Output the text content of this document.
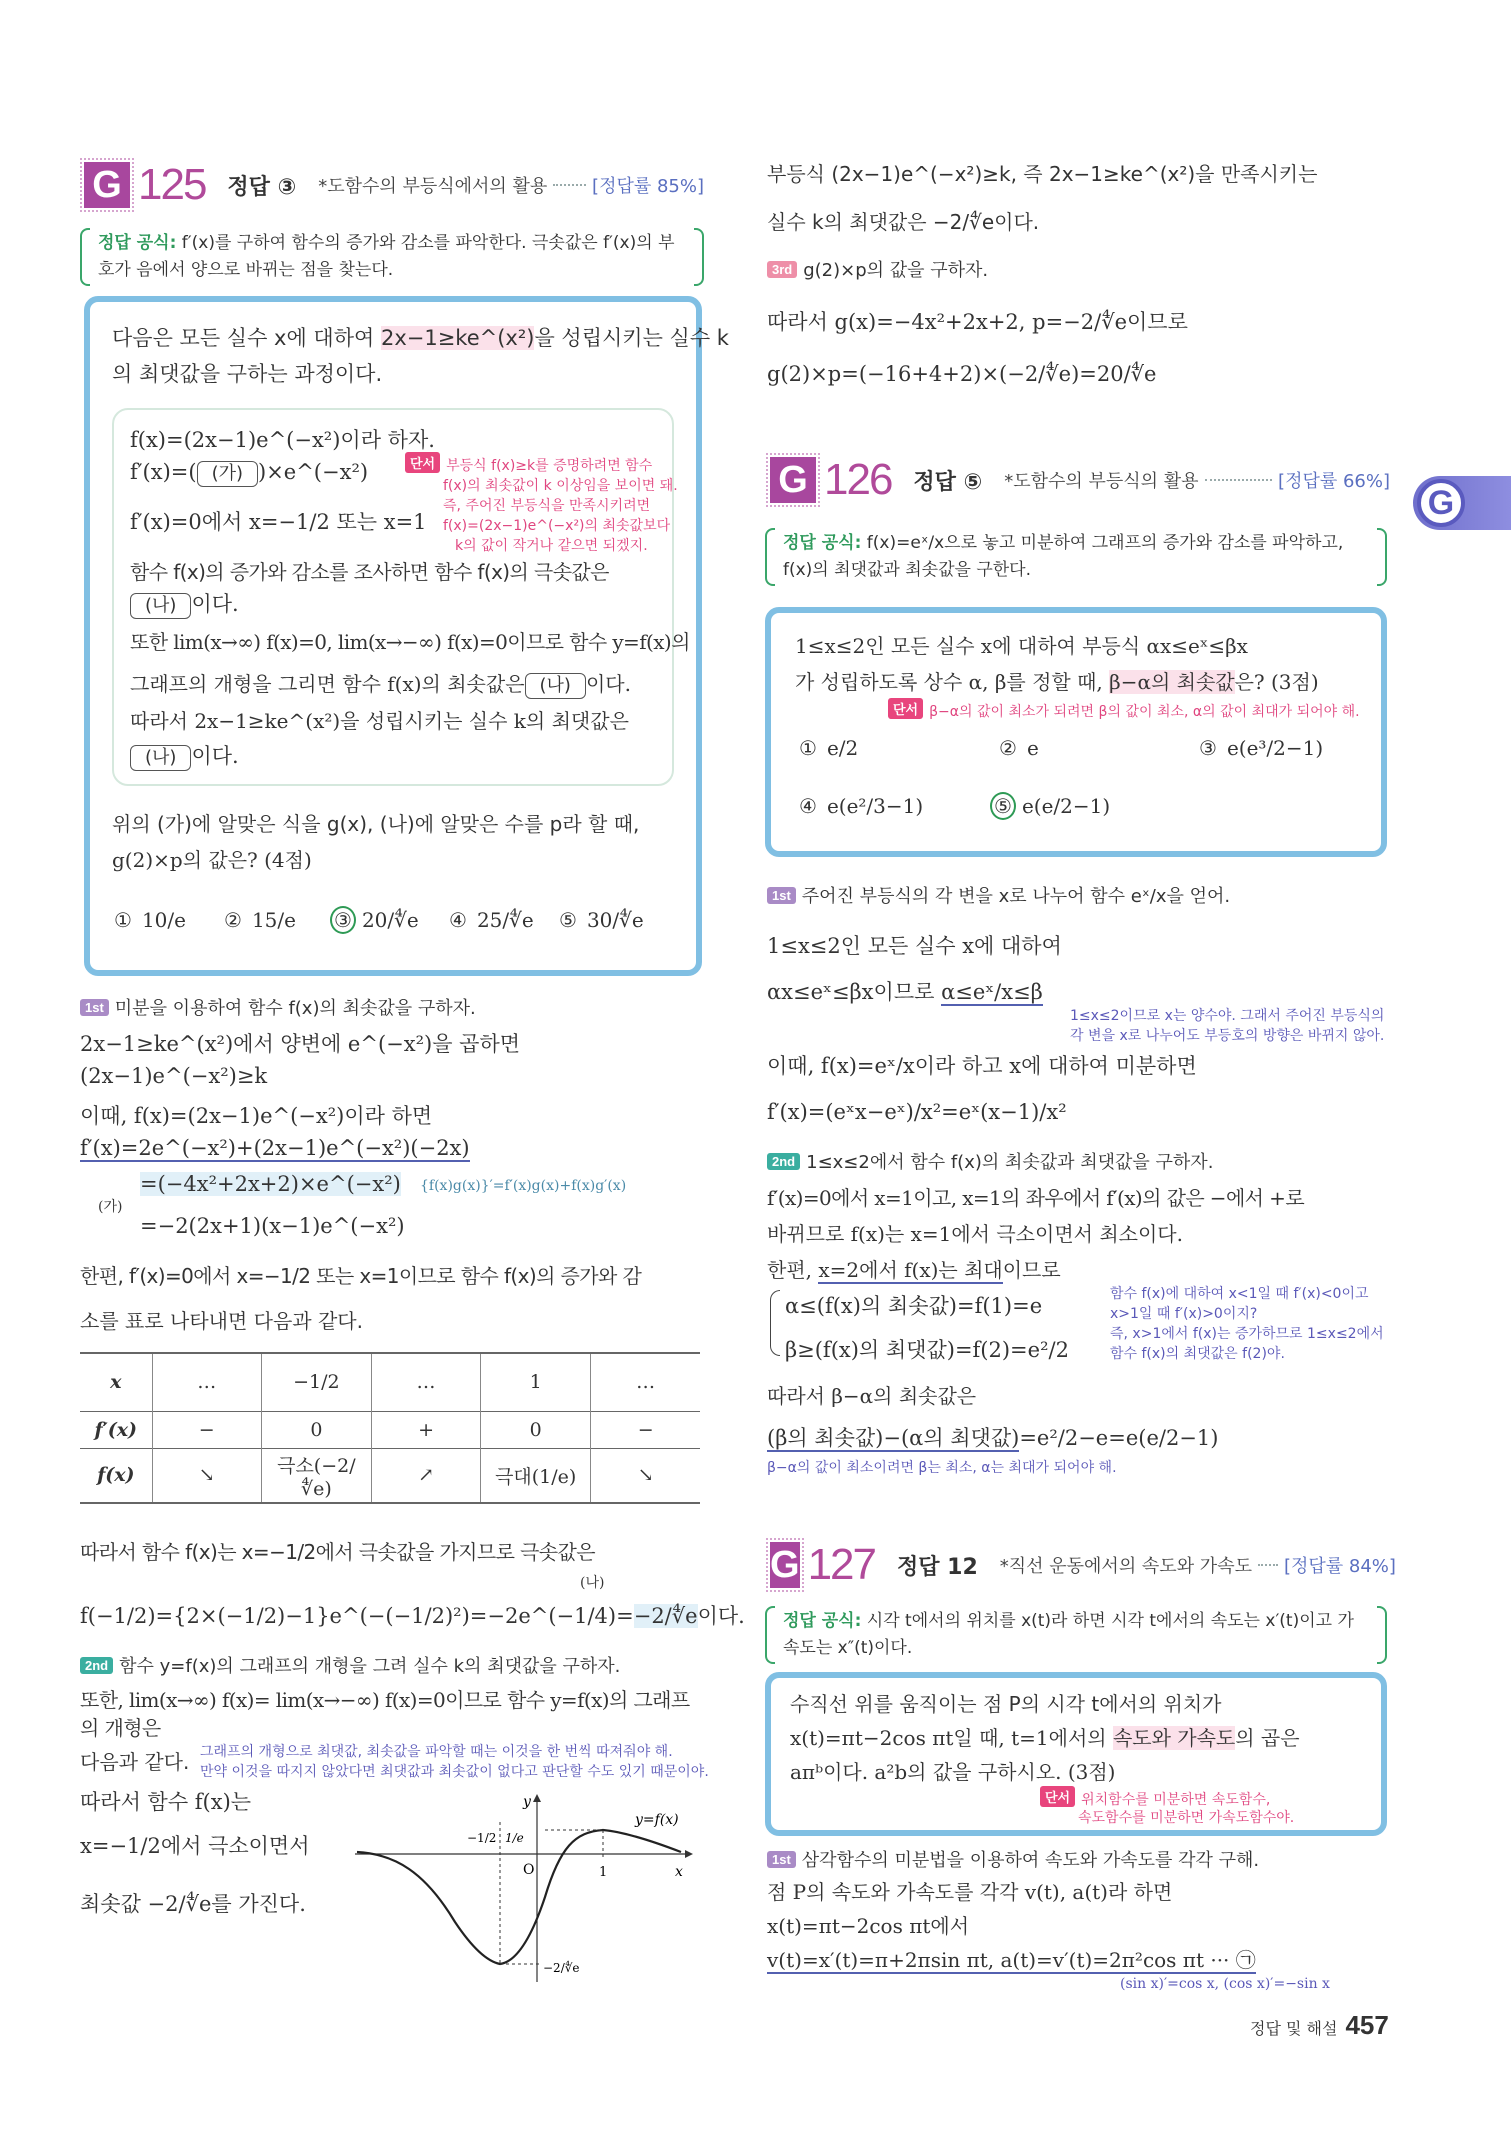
G 125 정답 ③ *도함수의 부등식에서의 활용 [정답률 85%]
정답 공식: f′(x)를 구하여 함수의 증가와 감소를 파악한다. 극솟값은 f′(x)의 부
호가 음에서 양으로 바뀌는 점을 찾는다.
다음은 모든 실수 x에 대하여 2x−1≥ke^(x²)을 성립시키는 실수 k
의 최댓값을 구하는 과정이다.
f(x)=(2x−1)e^(−x²)이라 하자.
f′(x)=( (가) )×e^(−x²)
f′(x)=0에서 x=−1/2 또는 x=1
함수 f(x)의 증가와 감소를 조사하면 함수 f(x)의 극솟값은
(나) 이다.
또한 lim(x→∞) f(x)=0, lim(x→−∞) f(x)=0이므로 함수 y=f(x)의
그래프의 개형을 그리면 함수 f(x)의 최솟값은 (나) 이다.
따라서 2x−1≥ke^(x²)을 성립시키는 실수 k의 최댓값은
(나) 이다.
단서 부등식 f(x)≥k를 증명하려면 함수
f(x)의 최솟값이 k 이상임을 보이면 돼.
즉, 주어진 부등식을 만족시키려면
f(x)=(2x−1)e^(−x²)의 최솟값보다
k의 값이 작거나 같으면 되겠지.
위의 (가)에 알맞은 식을 g(x), (나)에 알맞은 수를 p라 할 때,
g(2)×p의 값은? (4점)
① 10/e ② 15/e ③ 20/∜e ④ 25/∜e ⑤ 30/∜e
1st 미분을 이용하여 함수 f(x)의 최솟값을 구하자.
2x−1≥ke^(x²)에서 양변에 e^(−x²)을 곱하면
(2x−1)e^(−x²)≥k
이때, f(x)=(2x−1)e^(−x²)이라 하면
f′(x)=2e^(−x²)+(2x−1)e^(−x²)(−2x)
=(−4x²+2x+2)×e^(−x²) {f(x)g(x)}′=f′(x)g(x)+f(x)g′(x)
(가)
=−2(2x+1)(x−1)e^(−x²)
한편, f′(x)=0에서 x=−1/2 또는 x=1이므로 함수 f(x)의 증가와 감
소를 표로 나타내면 다음과 같다.
x	…	−1/2	…	1	…
f′(x)	−	0	+	0	−
f(x)	↘	극소(−2/∜e)	↗	극대(1/e)	↘
따라서 함수 f(x)는 x=−1/2에서 극솟값을 가지므로 극솟값은
f(−1/2)={2×(−1/2)−1}e^(−(−1/2)²)=−2e^(−1/4)=−2/∜e이다.
(나)
2nd 함수 y=f(x)의 그래프의 개형을 그려 실수 k의 최댓값을 구하자.
또한, lim(x→∞) f(x)= lim(x→−∞) f(x)=0이므로 함수 y=f(x)의 그래프의 개형은
다음과 같다. 그래프의 개형으로 최댓값, 최솟값을 파악할 때는 이것을 한 번씩 따져줘야 해.
만약 이것을 따지지 않았다면 최댓값과 최솟값이 없다고 판단할 수도 있기 때문이야.
따라서 함수 f(x)는
x=−1/2에서 극소이면서
최솟값 −2/∜e를 가진다.
y
x
O
−1/2 1/e
1
−2/∜e
y=f(x)
부등식 (2x−1)e^(−x²)≥k, 즉 2x−1≥ke^(x²)을 만족시키는
실수 k의 최댓값은 −2/∜e이다.
3rd g(2)×p의 값을 구하자.
따라서 g(x)=−4x²+2x+2, p=−2/∜e이므로
g(2)×p=(−16+4+2)×(−2/∜e)=20/∜e
G 126 정답 ⑤ *도함수의 부등식의 활용	[정답률 66%]
G
정답 공식: f(x)=eˣ/x으로 놓고 미분하여 그래프의 증가와 감소를 파악하고,
f(x)의 최댓값과 최솟값을 구한다.
1≤x≤2인 모든 실수 x에 대하여 부등식 αx≤eˣ≤βx
가 성립하도록 상수 α, β를 정할 때, β−α의 최솟값은? (3점)
단서 β−α의 값이 최소가 되려면 β의 값이 최소, α의 값이 최대가 되어야 해.
① e/2	② e	③ e(e³/2−1)
④ e(e²/3−1)	⑤ e(e/2−1)
1st 주어진 부등식의 각 변을 x로 나누어 함수 eˣ/x을 얻어.
1≤x≤2인 모든 실수 x에 대하여
αx≤eˣ≤βx이므로 α≤eˣ/x≤β
1≤x≤2이므로 x는 양수야. 그래서 주어진 부등식의
각 변을 x로 나누어도 부등호의 방향은 바뀌지 않아.
이때, f(x)=eˣ/x이라 하고 x에 대하여 미분하면
f′(x)=(eˣx−eˣ)/x²=eˣ(x−1)/x²
2nd 1≤x≤2에서 함수 f(x)의 최솟값과 최댓값을 구하자.
f′(x)=0에서 x=1이고, x=1의 좌우에서 f′(x)의 값은 −에서 +로
바뀌므로 f(x)는 x=1에서 극소이면서 최소이다.
한편, x=2에서 f(x)는 최대이므로
α≤(f(x)의 최솟값)=f(1)=e
β≥(f(x)의 최댓값)=f(2)=e²/2
함수 f(x)에 대하여 x<1일 때 f′(x)<0이고
x>1일 때 f′(x)>0이지?
즉, x>1에서 f(x)는 증가하므로 1≤x≤2에서
함수 f(x)의 최댓값은 f(2)야.
따라서 β−α의 최솟값은
(β의 최솟값)−(α의 최댓값)=e²/2−e=e(e/2−1)
β−α의 값이 최소이려면 β는 최소, α는 최대가 되어야 해.
G 127 정답 12 *직선 운동에서의 속도와 가속도 [정답률 84%]
정답 공식: 시각 t에서의 위치를 x(t)라 하면 시각 t에서의 속도는 x′(t)이고 가
속도는 x″(t)이다.
수직선 위를 움직이는 점 P의 시각 t에서의 위치가
x(t)=πt−2cos πt일 때, t=1에서의 속도와 가속도의 곱은
aπᵇ이다. a²b의 값을 구하시오. (3점)
단서 위치함수를 미분하면 속도함수,
속도함수를 미분하면 가속도함수야.
1st 삼각함수의 미분법을 이용하여 속도와 가속도를 각각 구해.
점 P의 속도와 가속도를 각각 v(t), a(t)라 하면
x(t)=πt−2cos πt에서
v(t)=x′(t)=π+2πsin πt, a(t)=v′(t)=2π²cos πt ··· ㉠
(sin x)′=cos x, (cos x)′=−sin x
정답 및 해설 457
